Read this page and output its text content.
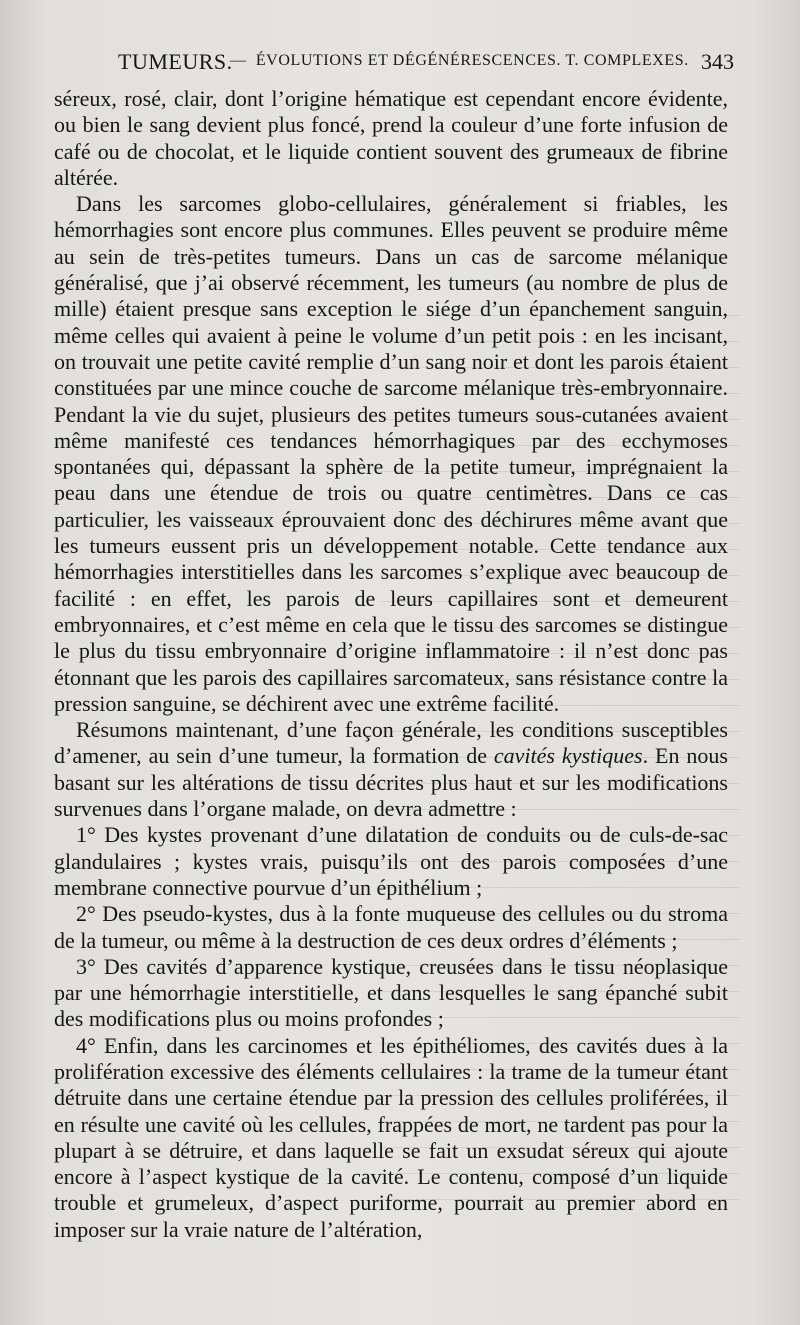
TUMEURS.
— ÉVOLUTIONS ET DÉGÉNÉRESCENCES. T. COMPLEXES. 343

séreux, rosé, clair, dont l’origine hématique est cependant encore évidente, ou bien le sang devient plus foncé, prend la couleur d’une forte infusion de café ou de chocolat, et le liquide contient souvent des grumeaux de fibrine altérée.

Dans les sarcomes globo-cellulaires, généralement si friables, les hémorrhagies sont encore plus communes. Elles peuvent se produire même au sein de très-petites tumeurs. Dans un cas de sarcome mélanique généralisé, que j’ai observé récemment, les tumeurs (au nombre de plus de mille) étaient presque sans exception le siége d’un épanchement sanguin, même celles qui avaient à peine le volume d’un petit pois : en les incisant, on trouvait une petite cavité remplie d’un sang noir et dont les parois étaient constituées par une mince couche de sarcome mélanique très-embryonnaire. Pendant la vie du sujet, plusieurs des petites tumeurs sous-cutanées avaient même manifesté ces tendances hémorrhagiques par des ecchymoses spontanées qui, dépassant la sphère de la petite tumeur, imprégnaient la peau dans une étendue de trois ou quatre centimètres. Dans ce cas particulier, les vaisseaux éprouvaient donc des déchirures même avant que les tumeurs eussent pris un développement notable. Cette tendance aux hémorrhagies interstitielles dans les sarcomes s’explique avec beaucoup de facilité : en effet, les parois de leurs capillaires sont et demeurent embryonnaires, et c’est même en cela que le tissu des sarcomes se distingue le plus du tissu embryonnaire d’origine inflammatoire : il n’est donc pas étonnant que les parois des capillaires sarcomateux, sans résistance contre la pression sanguine, se déchirent avec une extrême facilité.

Résumons maintenant, d’une façon générale, les conditions susceptibles d’amener, au sein d’une tumeur, la formation de cavités kystiques. En nous basant sur les altérations de tissu décrites plus haut et sur les modifications survenues dans l’organe malade, on devra admettre :

1° Des kystes provenant d’une dilatation de conduits ou de culs-de-sac glandulaires ; kystes vrais, puisqu’ils ont des parois composées d’une membrane connective pourvue d’un épithélium ;

2° Des pseudo-kystes, dus à la fonte muqueuse des cellules ou du stroma de la tumeur, ou même à la destruction de ces deux ordres d’éléments ;

3° Des cavités d’apparence kystique, creusées dans le tissu néoplasique par une hémorrhagie interstitielle, et dans lesquelles le sang épanché subit des modifications plus ou moins profondes ;

4° Enfin, dans les carcinomes et les épithéliomes, des cavités dues à la prolifération excessive des éléments cellulaires : la trame de la tumeur étant détruite dans une certaine étendue par la pression des cellules proliférées, il en résulte une cavité où les cellules, frappées de mort, ne tardent pas pour la plupart à se détruire, et dans laquelle se fait un exsudat séreux qui ajoute encore à l’aspect kystique de la cavité. Le contenu, composé d’un liquide trouble et grumeleux, d’aspect puriforme, pourrait au premier abord en imposer sur la vraie nature de l’altération,
